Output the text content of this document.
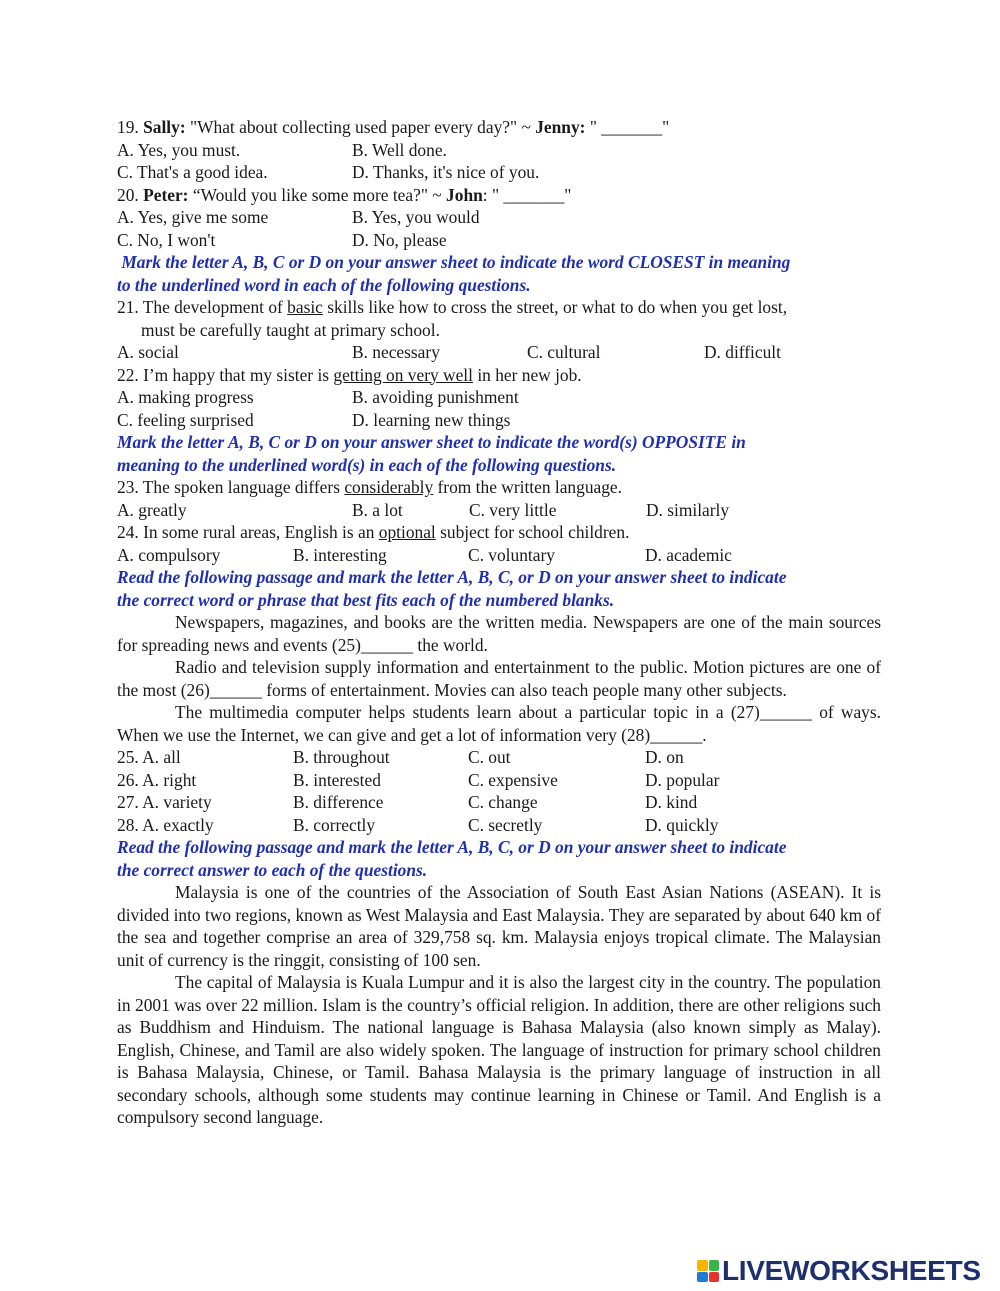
19.
Sally:
"What about collecting used paper every day?" ~
Jenny:
" _______"
A. Yes, you must.	B. Well done.
C. That's a good idea.	D. Thanks, it's nice of you.
20.
Peter:
“Would you like some more tea?" ~
John : " _______"
A. Yes, give me some	B. Yes, you would
C. No, I won't	D. No, please
Mark the letter A, B, C or D on your answer sheet to indicate the word CLOSEST in meaning
to the underlined word in each of the following questions.
21. The development of basic skills like how to cross the street, or what to do when you get lost,
must be carefully taught at primary school.
A. social	B. necessary	C. cultural	D. difficult
22. I’m happy that my sister is getting on very well in her new job.
A. making progress	B. avoiding punishment
C. feeling surprised	D. learning new things
Mark the letter A, B, C or D on your answer sheet to indicate the word(s) OPPOSITE in
meaning to the underlined word(s) in each of the following questions.
23. The spoken language differs considerably from the written language.
A. greatly	B. a lot	C. very little	D. similarly
24. In some rural areas, English is an optional subject for school children.
A. compulsory	B. interesting	C. voluntary	D. academic
Read the following passage and mark the letter A, B, C, or D on your answer sheet to indicate
the correct word or phrase that best fits each of the numbered blanks.
Newspapers, magazines, and books are the written media. Newspapers are one of the main sources for spreading news and events (25)______ the world.
Radio and television supply information and entertainment to the public. Motion pictures are one of the most (26)______ forms of entertainment. Movies can also teach people many other subjects.
The multimedia computer helps students learn about a particular topic in a (27)______ of ways. When we use the Internet, we can give and get a lot of information very (28)______.
25. A. all	B. throughout	C. out	D. on
26. A. right	B. interested	C. expensive	D. popular
27. A. variety	B. difference	C. change	D. kind
28. A. exactly	B. correctly	C. secretly	D. quickly
Read the following passage and mark the letter A, B, C, or D on your answer sheet to indicate
the correct answer to each of the questions.
Malaysia is one of the countries of the Association of South East Asian Nations (ASEAN). It is divided into two regions, known as West Malaysia and East Malaysia. They are separated by about 640 km of the sea and together comprise an area of 329,758 sq. km. Malaysia enjoys tropical climate. The Malaysian unit of currency is the ringgit, consisting of 100 sen.
The capital of Malaysia is Kuala Lumpur and it is also the largest city in the country. The population in 2001 was over 22 million. Islam is the country’s official religion. In addition, there are other religions such as Buddhism and Hinduism. The national language is Bahasa Malaysia (also known simply as Malay). English, Chinese, and Tamil are also widely spoken. The language of instruction for primary school children is Bahasa Malaysia, Chinese, or Tamil. Bahasa Malaysia is the primary language of instruction in all secondary schools, although some students may continue learning in Chinese or Tamil. And English is a compulsory second language.
LIVEWORKSHEETS
